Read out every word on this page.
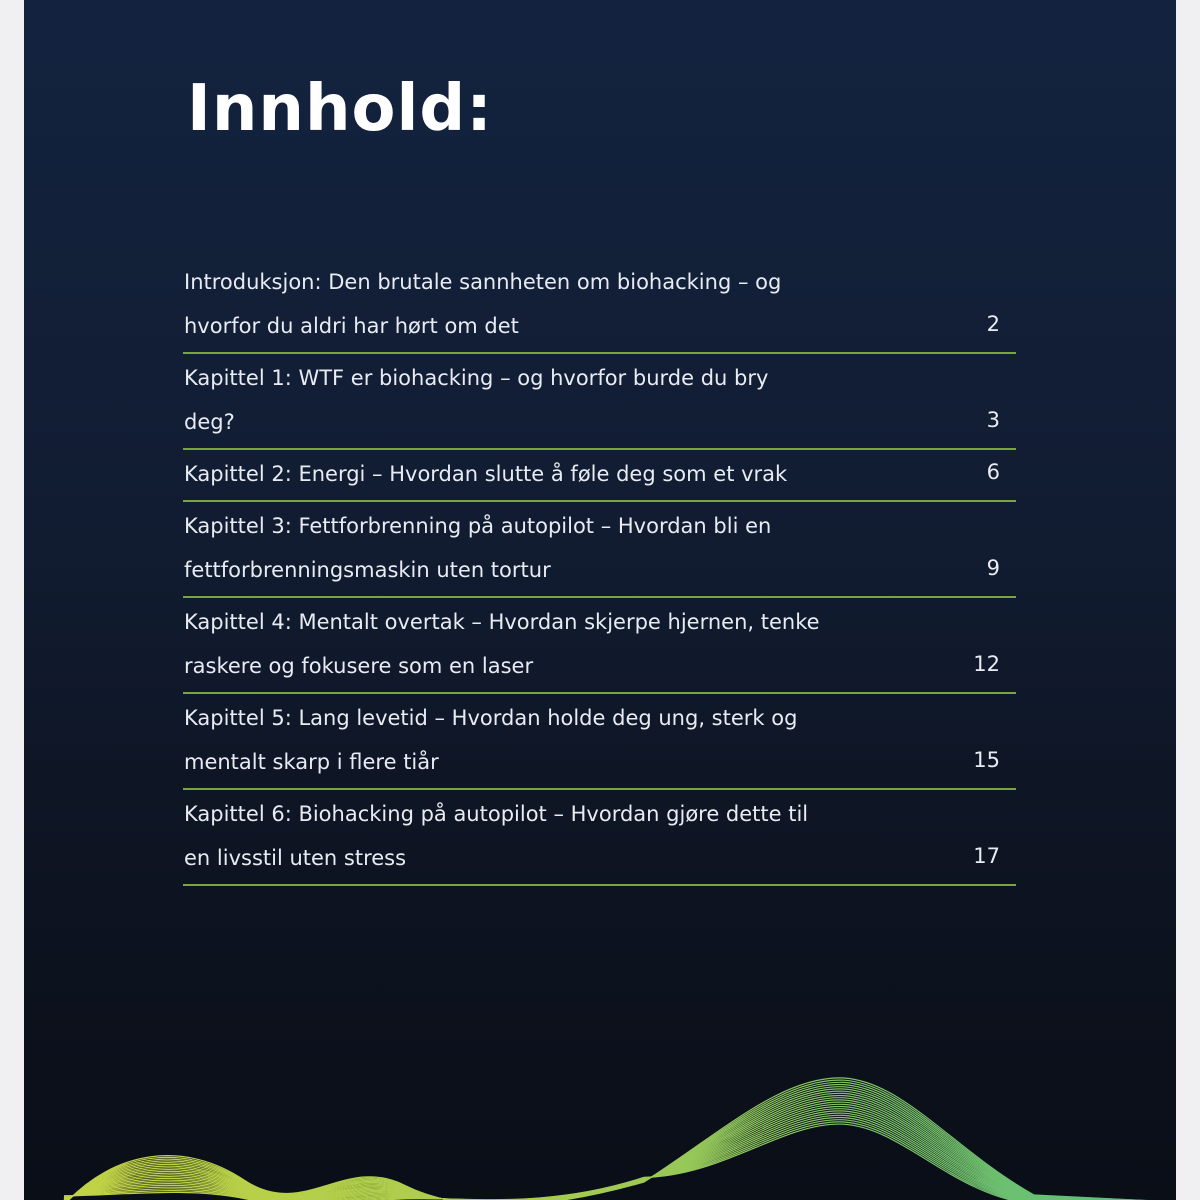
Innhold:
Introduksjon: Den brutale sannheten om biohacking – og
hvorfor du aldri har hørt om det	2
Kapittel 1: WTF er biohacking – og hvorfor burde du bry
deg?	3
Kapittel 2: Energi – Hvordan slutte å føle deg som et vrak	6
Kapittel 3: Fettforbrenning på autopilot – Hvordan bli en
fettforbrenningsmaskin uten tortur	9
Kapittel 4: Mentalt overtak – Hvordan skjerpe hjernen, tenke
raskere og fokusere som en laser	12
Kapittel 5: Lang levetid – Hvordan holde deg ung, sterk og
mentalt skarp i flere tiår	15
Kapittel 6: Biohacking på autopilot – Hvordan gjøre dette til
en livsstil uten stress	17
